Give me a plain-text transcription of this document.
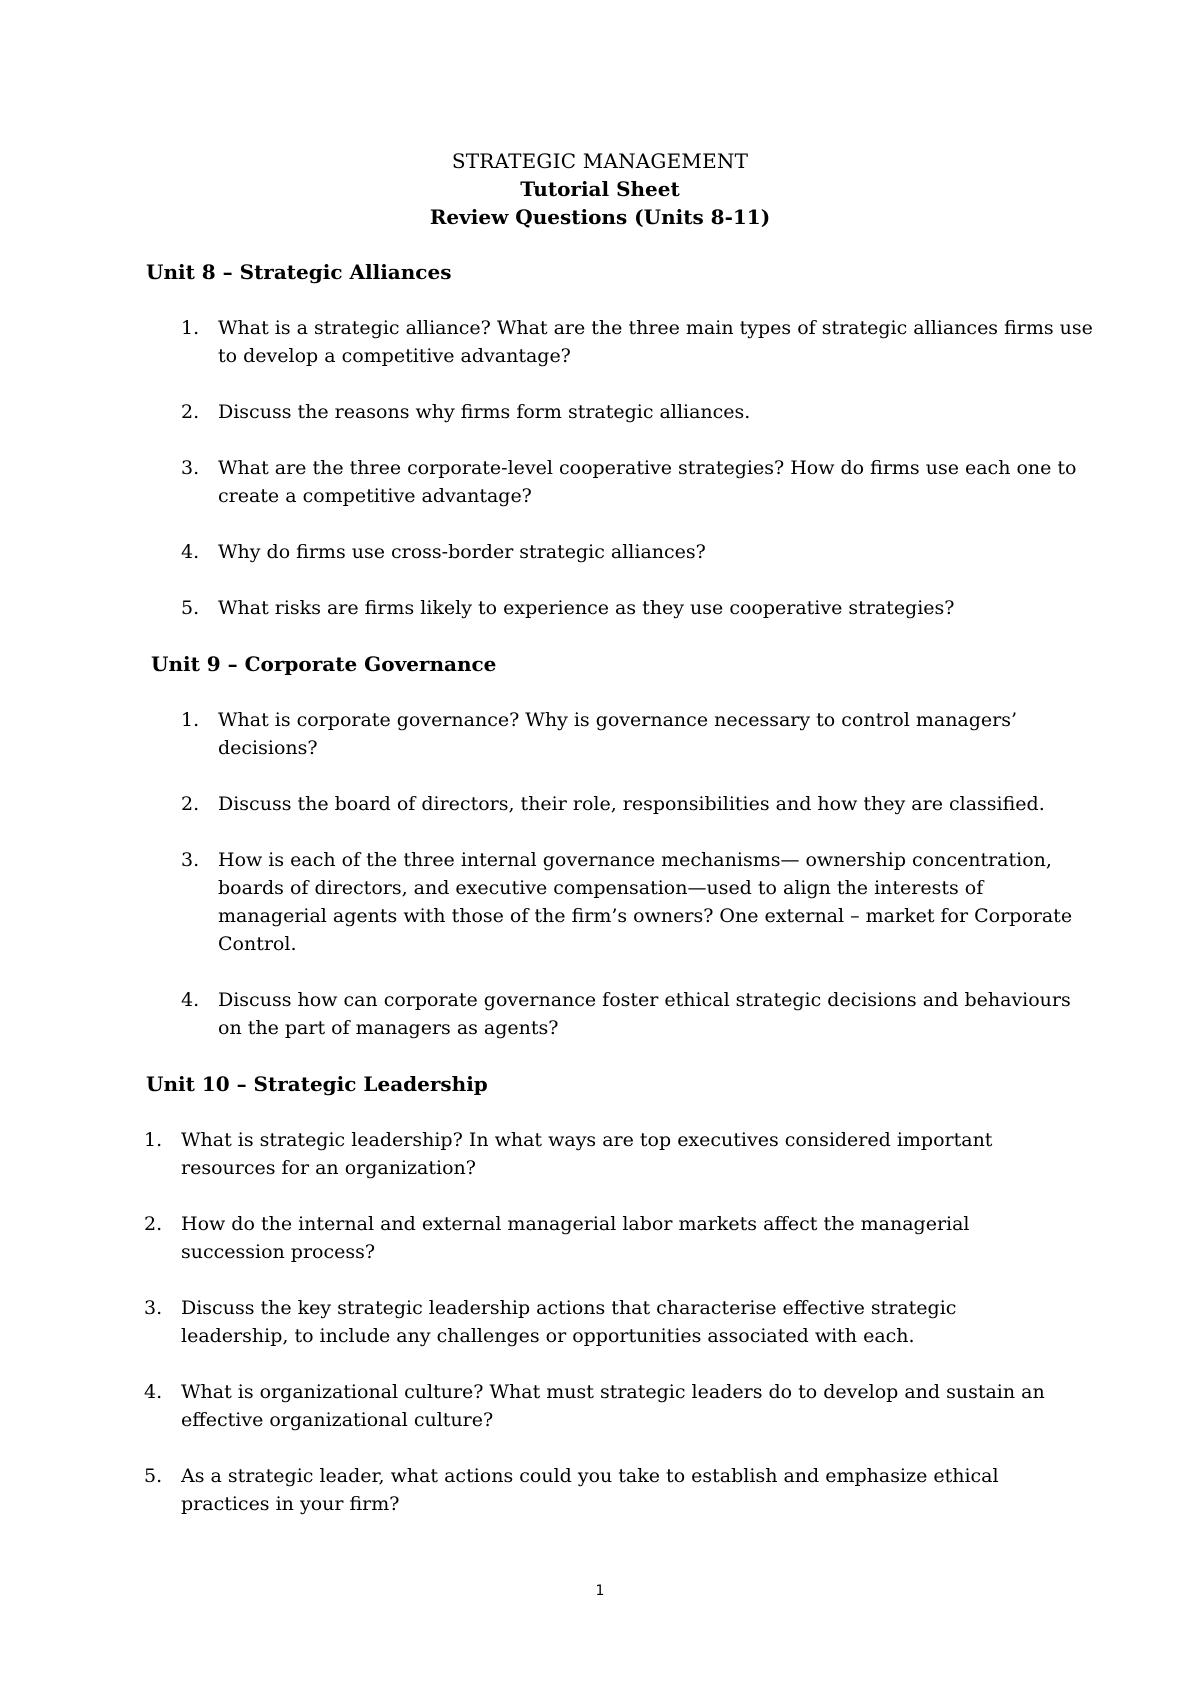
STRATEGIC MANAGEMENT
Tutorial Sheet
Review Questions (Units 8-11)
Unit 8 – Strategic Alliances
1. What is a strategic alliance? What are the three main types of strategic alliances firms use to develop a competitive advantage?
2. Discuss the reasons why firms form strategic alliances.
3. What are the three corporate-level cooperative strategies? How do firms use each one to create a competitive advantage?
4. Why do firms use cross-border strategic alliances?
5. What risks are firms likely to experience as they use cooperative strategies?
Unit 9 – Corporate Governance
1. What is corporate governance? Why is governance necessary to control managers’ decisions?
2. Discuss the board of directors, their role, responsibilities and how they are classified.
3. How is each of the three internal governance mechanisms— ownership concentration, boards of directors, and executive compensation—used to align the interests of managerial agents with those of the firm’s owners? One external – market for Corporate Control.
4. Discuss how can corporate governance foster ethical strategic decisions and behaviours on the part of managers as agents?
Unit 10 – Strategic Leadership
1. What is strategic leadership? In what ways are top executives considered important resources for an organization?
2. How do the internal and external managerial labor markets affect the managerial succession process?
3. Discuss the key strategic leadership actions that characterise effective strategic leadership, to include any challenges or opportunities associated with each.
4. What is organizational culture? What must strategic leaders do to develop and sustain an effective organizational culture?
5. As a strategic leader, what actions could you take to establish and emphasize ethical practices in your firm?
1
